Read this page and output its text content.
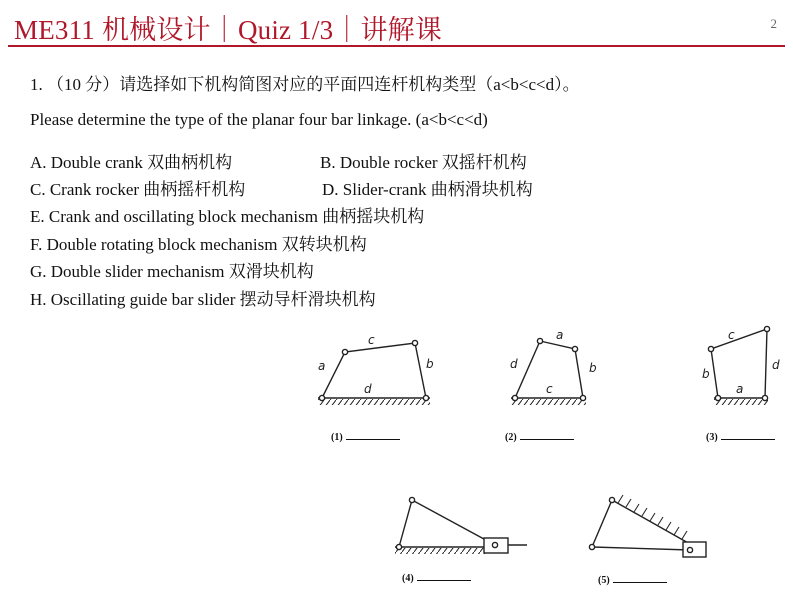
ME311 机械设计｜Quiz 1/3｜讲解课	2
1. （10 分）请选择如下机构简图对应的平面四连杆机构类型（a<b<c<d）。
Please determine the type of the planar four bar linkage. (a<b<c<d)
A. Double crank 双曲柄机构	B. Double rocker 双摇杆机构
C. Crank rocker 曲柄摇杆机构	D. Slider-crank 曲柄滑块机构
E. Crank and oscillating block mechanism 曲柄摇块机构
F. Double rotating block mechanism 双转块机构
G. Double slider mechanism 双滑块机构
H. Oscillating guide bar slider 摆动导杆滑块机构
a
c
b
d
d
a
b
c
b
c
d
a
(1)	(2)	(3)
(4)	(5)
